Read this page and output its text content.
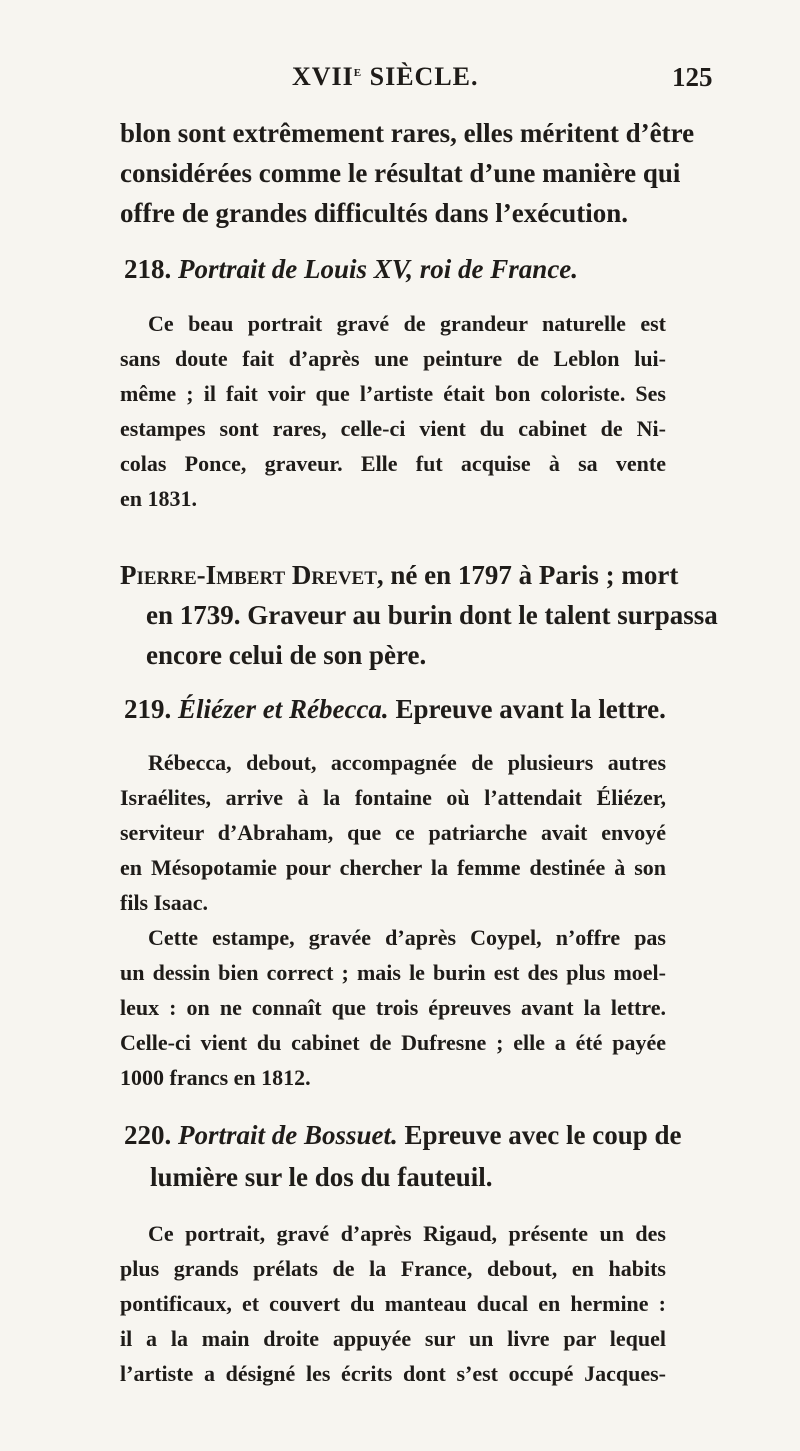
XVIIe SIÈCLE.	125
blon sont extrêmement rares, elles méritent d’être
considérées comme le résultat d’une manière qui
offre de grandes difficultés dans l’exécution.
218. Portrait de Louis XV, roi de France.
Ce beau portrait gravé de grandeur naturelle est
sans doute fait d’après une peinture de Leblon lui-
même ; il fait voir que l’artiste était bon coloriste. Ses
estampes sont rares, celle-ci vient du cabinet de Ni-
colas Ponce, graveur. Elle fut acquise à sa vente
en 1831.
Pierre-Imbert Drevet, né en 1797 à Paris ; mort
en 1739. Graveur au burin dont le talent surpassa
encore celui de son père.
219. Éliézer et Rébecca. Epreuve avant la lettre.
Rébecca, debout, accompagnée de plusieurs autres
Israélites, arrive à la fontaine où l’attendait Éliézer,
serviteur d’Abraham, que ce patriarche avait envoyé
en Mésopotamie pour chercher la femme destinée à son
fils Isaac.
Cette estampe, gravée d’après Coypel, n’offre pas
un dessin bien correct ; mais le burin est des plus moel-
leux : on ne connaît que trois épreuves avant la lettre.
Celle-ci vient du cabinet de Dufresne ; elle a été payée
1000 francs en 1812.
220. Portrait de Bossuet. Epreuve avec le coup de
lumière sur le dos du fauteuil.
Ce portrait, gravé d’après Rigaud, présente un des
plus grands prélats de la France, debout, en habits
pontificaux, et couvert du manteau ducal en hermine :
il a la main droite appuyée sur un livre par lequel
l’artiste a désigné les écrits dont s’est occupé Jacques-
